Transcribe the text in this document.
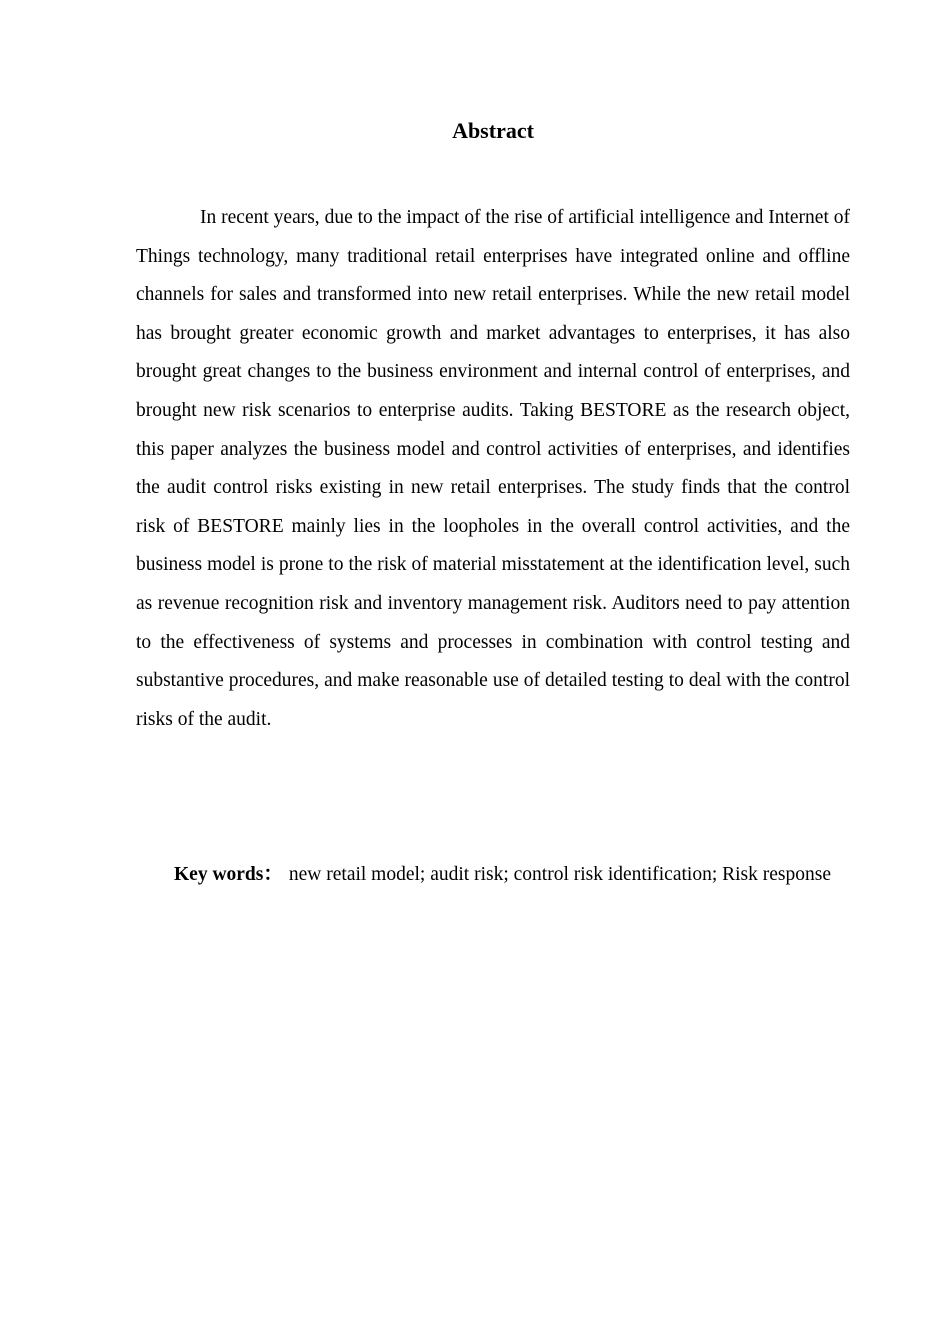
Abstract

In recent years, due to the impact of the rise of artificial intelligence and Internet of Things technology, many traditional retail enterprises have integrated online and offline channels for sales and transformed into new retail enterprises. While the new retail model has brought greater economic growth and market advantages to enterprises, it has also brought great changes to the business environment and internal control of enterprises, and brought new risk scenarios to enterprise audits. Taking BESTORE as the research object, this paper analyzes the business model and control activities of enterprises, and identifies the audit control risks existing in new retail enterprises. The study finds that the control risk of BESTORE mainly lies in the loopholes in the overall control activities, and the business model is prone to the risk of material misstatement at the identification level, such as revenue recognition risk and inventory management risk. Auditors need to pay attention to the effectiveness of systems and processes in combination with control testing and substantive procedures, and make reasonable use of detailed testing to deal with the control risks of the audit.

Key words： new retail model; audit risk; control risk identification; Risk response
